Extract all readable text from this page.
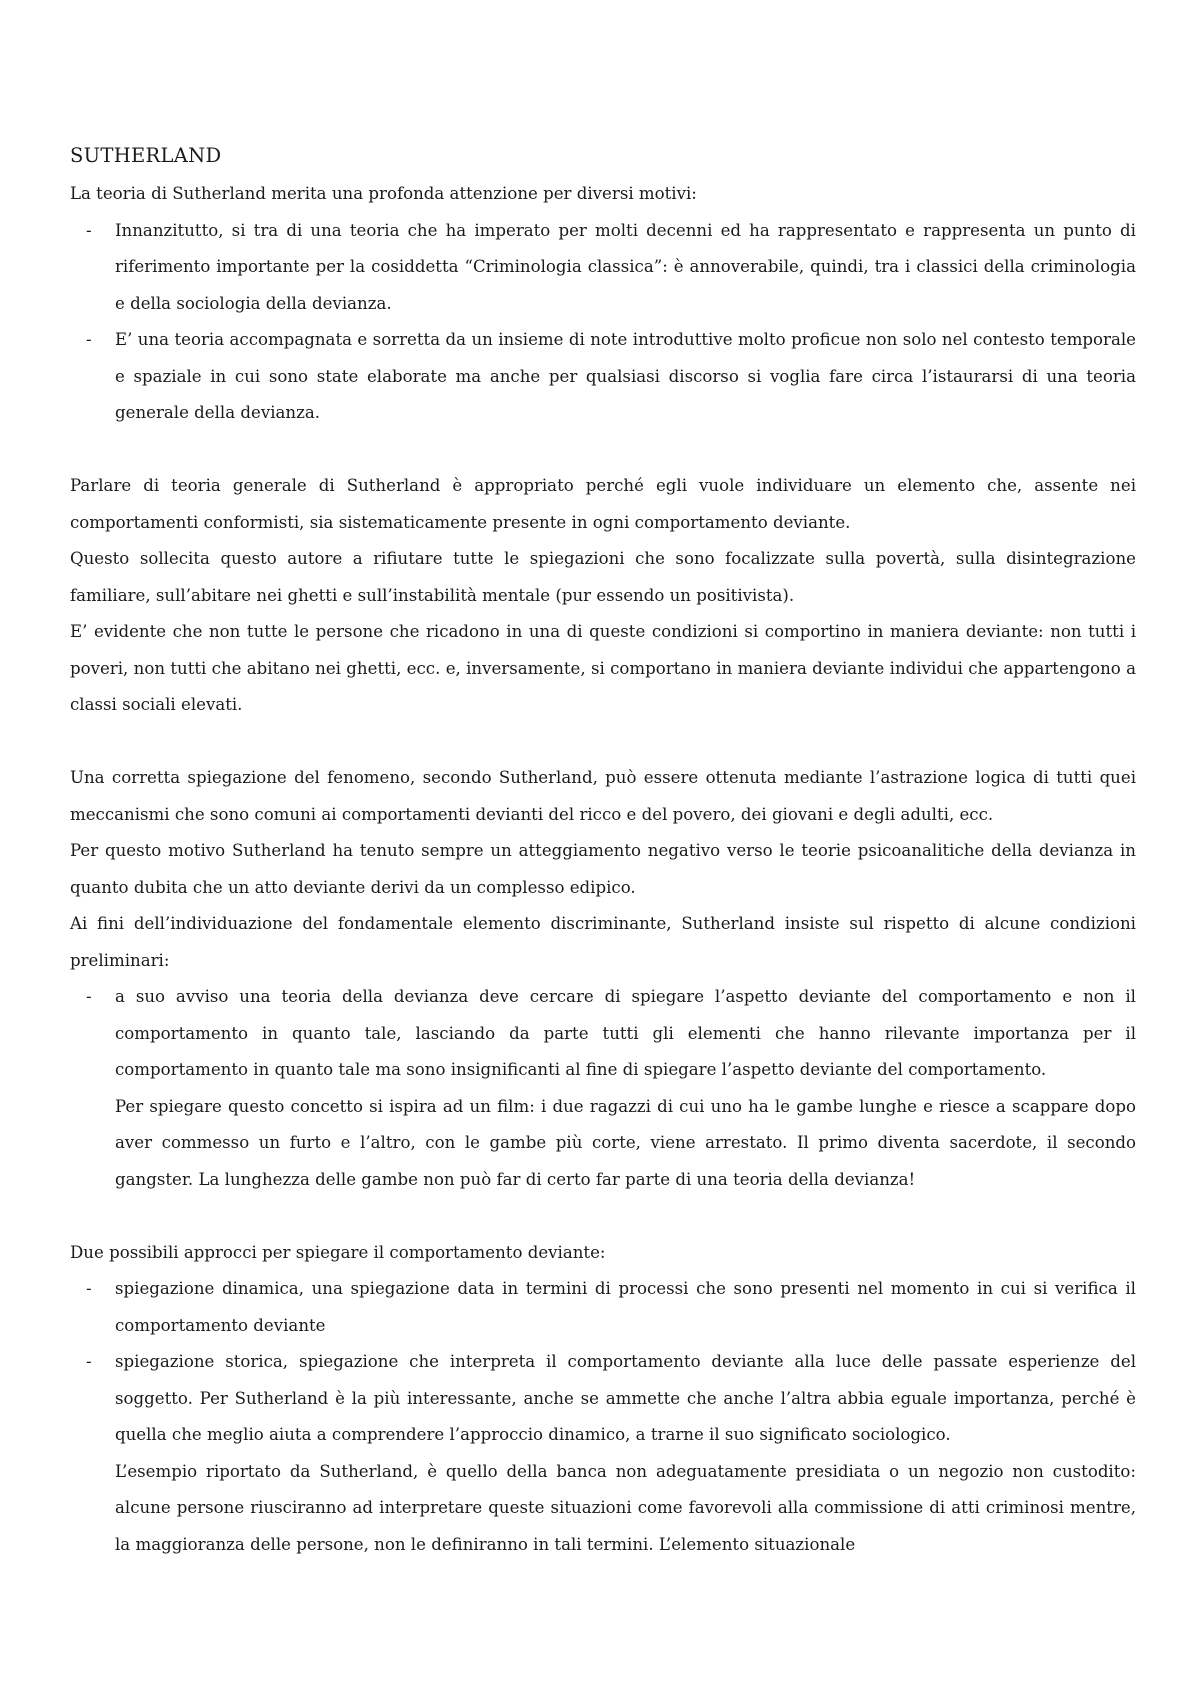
SUTHERLAND

La teoria di Sutherland merita una profonda attenzione per diversi motivi:

- Innanzitutto, si tra di una teoria che ha imperato per molti decenni ed ha rappresentato e rappresenta un punto di riferimento importante per la cosiddetta “Criminologia classica”: è annoverabile, quindi, tra i classici della criminologia e della sociologia della devianza.

- E’ una teoria accompagnata e sorretta da un insieme di note introduttive molto proficue non solo nel contesto temporale e spaziale in cui sono state elaborate ma anche per qualsiasi discorso si voglia fare circa l’istaurarsi di una teoria generale della devianza.

Parlare di teoria generale di Sutherland è appropriato perché egli vuole individuare un elemento che, assente nei comportamenti conformisti, sia sistematicamente presente in ogni comportamento deviante.

Questo sollecita questo autore a rifiutare tutte le spiegazioni che sono focalizzate sulla povertà, sulla disintegrazione familiare, sull’abitare nei ghetti e sull’instabilità mentale (pur essendo un positivista).

E’ evidente che non tutte le persone che ricadono in una di queste condizioni si comportino in maniera deviante: non tutti i poveri, non tutti che abitano nei ghetti, ecc. e, inversamente, si comportano in maniera deviante individui che appartengono a classi sociali elevati.

Una corretta spiegazione del fenomeno, secondo Sutherland, può essere ottenuta mediante l’astrazione logica di tutti quei meccanismi che sono comuni ai comportamenti devianti del ricco e del povero, dei giovani e degli adulti, ecc.

Per questo motivo Sutherland ha tenuto sempre un atteggiamento negativo verso le teorie psicoanalitiche della devianza in quanto dubita che un atto deviante derivi da un complesso edipico.

Ai fini dell’individuazione del fondamentale elemento discriminante, Sutherland insiste sul rispetto di alcune condizioni preliminari:

- a suo avviso una teoria della devianza deve cercare di spiegare l’aspetto deviante del comportamento e non il comportamento in quanto tale, lasciando da parte tutti gli elementi che hanno rilevante importanza per il comportamento in quanto tale ma sono insignificanti al fine di spiegare l’aspetto deviante del comportamento.

Per spiegare questo concetto si ispira ad un film: i due ragazzi di cui uno ha le gambe lunghe e riesce a scappare dopo aver commesso un furto e l’altro, con le gambe più corte, viene arrestato. Il primo diventa sacerdote, il secondo gangster. La lunghezza delle gambe non può far di certo far parte di una teoria della devianza!

Due possibili approcci per spiegare il comportamento deviante:

- spiegazione dinamica, una spiegazione data in termini di processi che sono presenti nel momento in cui si verifica il comportamento deviante

- spiegazione storica, spiegazione che interpreta il comportamento deviante alla luce delle passate esperienze del soggetto. Per Sutherland è la più interessante, anche se ammette che anche l’altra abbia eguale importanza, perché è quella che meglio aiuta a comprendere l’approccio dinamico, a trarne il suo significato sociologico.

L’esempio riportato da Sutherland, è quello della banca non adeguatamente presidiata o un negozio non custodito: alcune persone riusciranno ad interpretare queste situazioni come favorevoli alla commissione di atti criminosi mentre, la maggioranza delle persone, non le definiranno in tali termini. L’elemento situazionale
